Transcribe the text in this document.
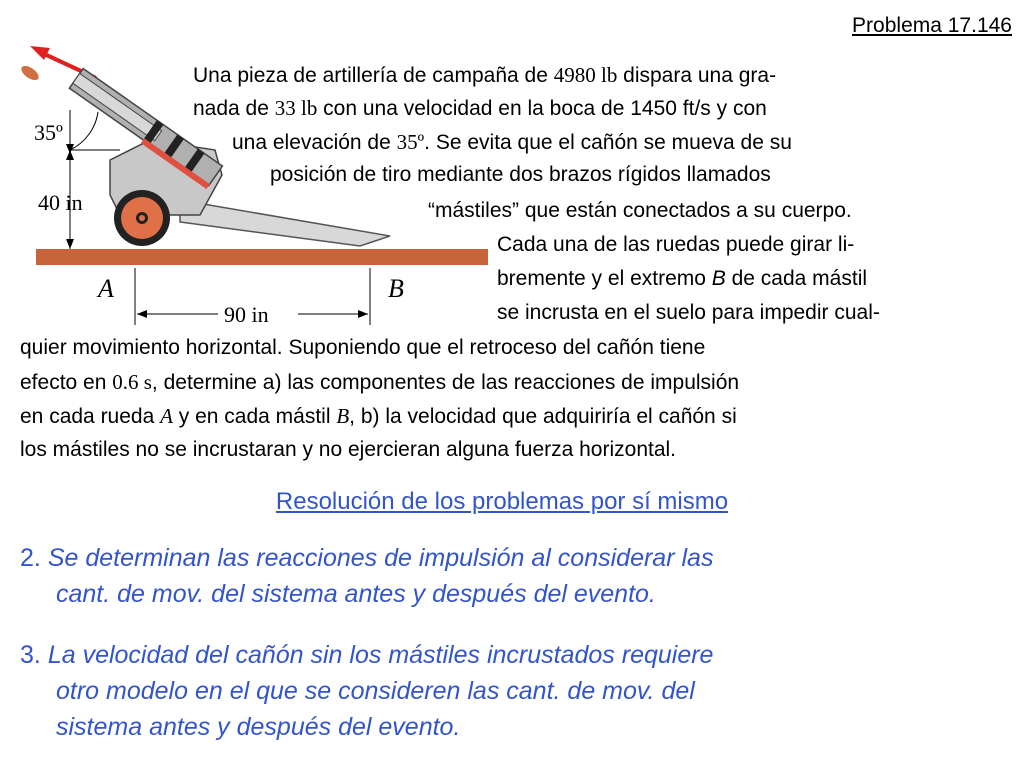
Problema 17.146
35º
40 in
90 in
A	B
Una pieza de artillería de campaña de 4980 lb dispara una gra-
nada de 33 lb con una velocidad en la boca de 1450 ft/s y con
una elevación de 35º. Se evita que el cañón se mueva de su
posición de tiro mediante dos brazos rígidos llamados
“mástiles” que están conectados a su cuerpo.
Cada una de las ruedas puede girar li-
bremente y el extremo B de cada mástil
se incrusta en el suelo para impedir cual-
quier movimiento horizontal. Suponiendo que el retroceso del cañón tiene
efecto en 0.6 s, determine a) las componentes de las reacciones de impulsión
en cada rueda A y en cada mástil B, b) la velocidad que adquiriría el cañón si
los mástiles no se incrustaran y no ejercieran alguna fuerza horizontal.
Resolución de los problemas por sí mismo
2. Se determinan las reacciones de impulsión al considerar las
cant. de mov. del sistema antes y después del evento.
3. La velocidad del cañón sin los mástiles incrustados requiere
otro modelo en el que se consideren las cant. de mov. del
sistema antes y después del evento.
